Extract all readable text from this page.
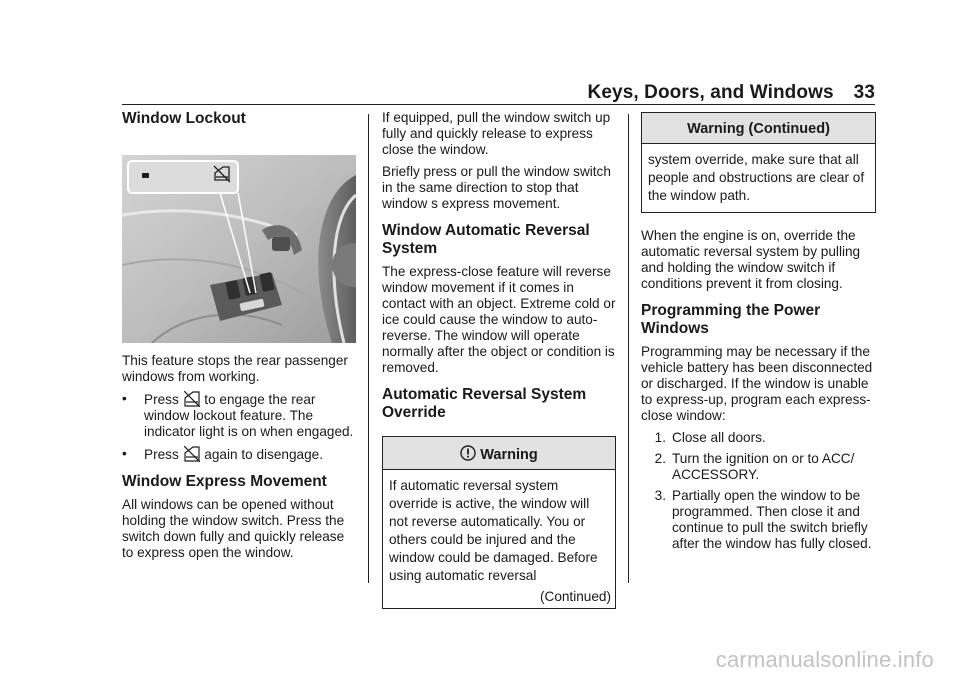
Keys, Doors, and Windows 33
Window Lockout

This feature stops the rear passenger windows from working.

•	Press  to engage the rear window lockout feature. The indicator light is on when engaged.
•	Press  again to disengage.
Window Express Movement

All windows can be opened without holding the window switch. Press the switch down fully and quickly release to express open the window.

If equipped, pull the window switch up fully and quickly release to express close the window.

Briefly press or pull the window switch in the same direction to stop that window s express movement.

Window Automatic Reversal System

The express-close feature will reverse window movement if it comes in contact with an object. Extreme cold or ice could cause the window to auto-reverse. The window will operate normally after the object or condition is removed.

Automatic Reversal System Override
Warning

If automatic reversal system override is active, the window will not reverse automatically. You or others could be injured and the window could be damaged. Before using automatic reversal

(Continued)
Warning (Continued)

system override, make sure that all people and obstructions are clear of the window path.

When the engine is on, override the automatic reversal system by pulling and holding the window switch if conditions prevent it from closing.

Programming the Power Windows

Programming may be necessary if the vehicle battery has been disconnected or discharged. If the window is unable to express-up, program each express-close window:

1. Close all doors.
2. Turn the ignition on or to ACC/ ACCESSORY.
3. Partially open the window to be programmed. Then close it and continue to pull the switch briefly after the window has fully closed.
carmanualsonline.info
